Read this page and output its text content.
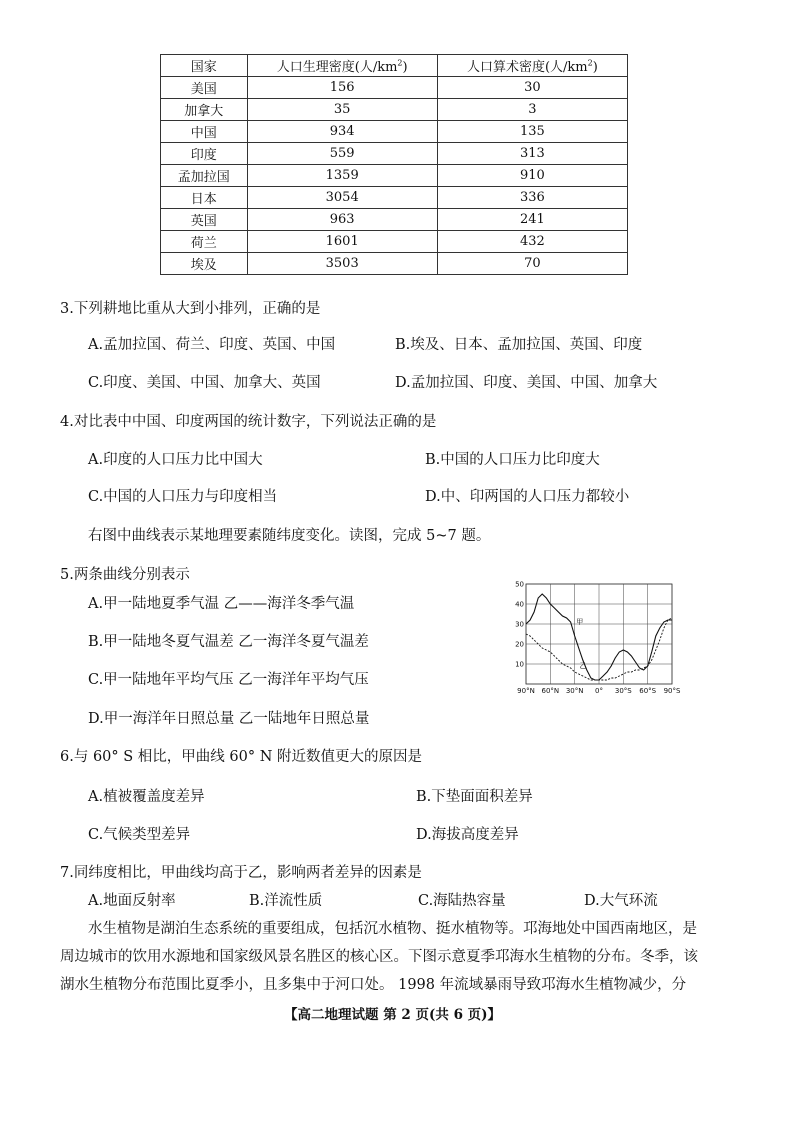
国家	人口生理密度(人$/km^2$)	人口算术密度(人$/km^2$)
美国	156	30
加拿大	35	3
中国	934	135
印度	559	313
孟加拉国	1359	910
日本	3054	336
英国	963	241
荷兰	1601	432
埃及	3503	70
3.下列耕地比重从大到小排列，正确的是
A.孟加拉国、荷兰、印度、英国、中国	B.埃及、日本、孟加拉国、英国、印度
C.印度、美国、中国、加拿大、英国	D.孟加拉国、印度、美国、中国、加拿大
4.对比表中中国、印度两国的统计数字，下列说法正确的是
A.印度的人口压力比中国大	B.中国的人口压力比印度大
C.中国的人口压力与印度相当	D.中、印两国的人口压力都较小
右图中曲线表示某地理要素随纬度变化。读图，完成 5~7 题。
5.两条曲线分别表示
A.甲一陆地夏季气温 乙——海洋冬季气温
B.甲一陆地冬夏气温差 乙一海洋冬夏气温差
C.甲一陆地年平均气压 乙一海洋年平均气压
D.甲一海洋年日照总量 乙一陆地年日照总量
10
20
30
40
50
90°N 60°N 30°N 0° 30°S 60°S 90°S
甲
乙
6.与 60° S 相比，甲曲线 60° N 附近数值更大的原因是
A.植被覆盖度差异	B.下垫面面积差异
C.气候类型差异	D.海拔高度差异
7.同纬度相比，甲曲线均高于乙，影响两者差异的因素是
A.地面反射率	B.洋流性质	C.海陆热容量	D.大气环流
水生植物是湖泊生态系统的重要组成，包括沉水植物、挺水植物等。邛海地处中国西南地区，是
周边城市的饮用水源地和国家级风景名胜区的核心区。下图示意夏季邛海水生植物的分布。冬季，该
湖水生植物分布范围比夏季小，且多集中于河口处。 1998 年流域暴雨导致邛海水生植物减少，分
【高二地理试题 第 2 页(共 6 页)】
